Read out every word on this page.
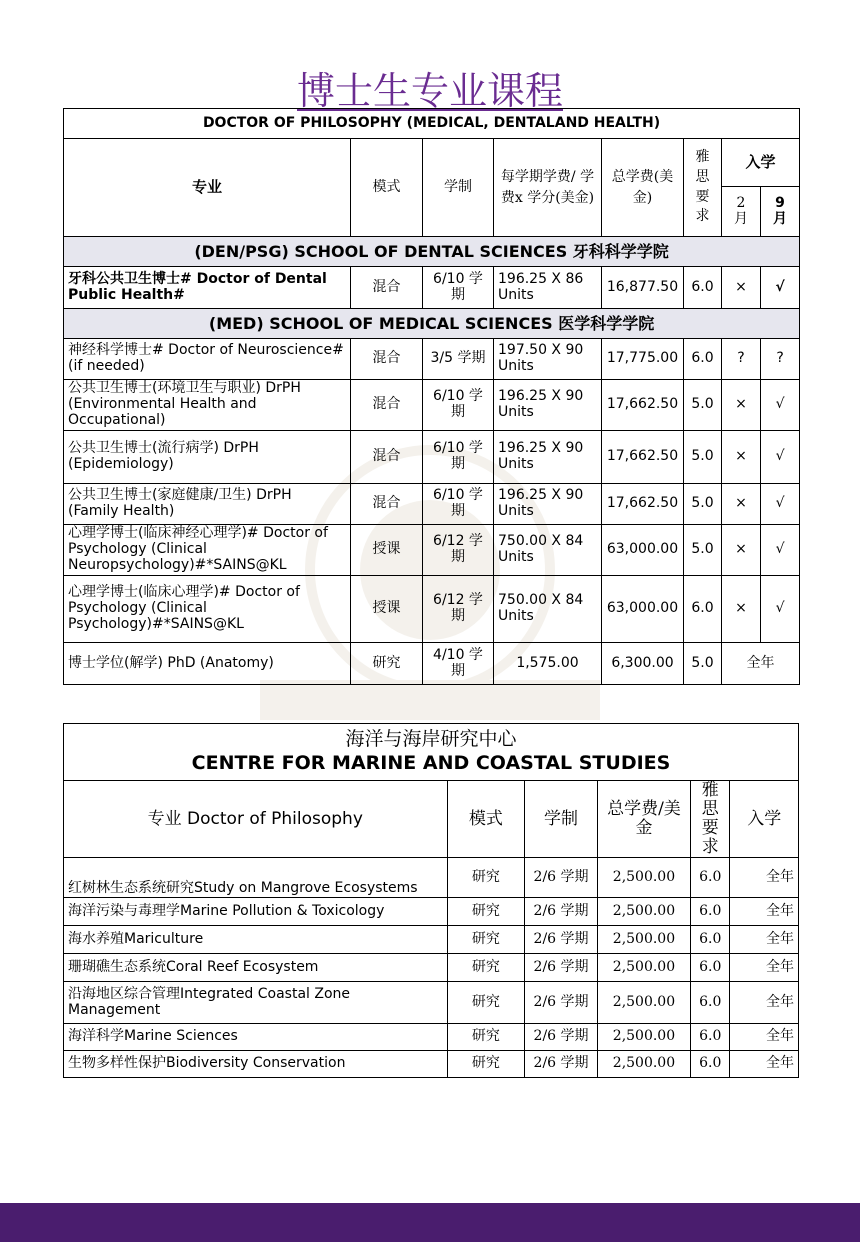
博士生专业课程
DOCTOR OF PHILOSOPHY (MEDICAL, DENTALAND HEALTH)							
专业	模式	学制	每学期学费/ 学费x 学分(美金)	总学费(美金)	雅思要求	入学	
						2月	9月
(DEN/PSG) SCHOOL OF DENTAL SCIENCES 牙科科学学院							
牙科公共卫生博士# Doctor of Dental Public Health#	混合	6/10 学期	196.25 X 86 Units	16,877.50	6.0	×	√
(MED) SCHOOL OF MEDICAL SCIENCES 医学科学学院							
神经科学博士# Doctor of Neuroscience#(if needed)	混合	3/5 学期	197.50 X 90 Units	17,775.00	6.0	?	?
公共卫生博士(环境卫生与职业) DrPH (Environmental Health and Occupational)	混合	6/10 学期	196.25 X 90 Units	17,662.50	5.0	×	√
公共卫生博士(流行病学) DrPH (Epidemiology)	混合	6/10 学期	196.25 X 90 Units	17,662.50	5.0	×	√
公共卫生博士(家庭健康/卫生) DrPH (Family Health)	混合	6/10 学期	196.25 X 90 Units	17,662.50	5.0	×	√
心理学博士(临床神经心理学)# Doctor of Psychology (Clinical Neuropsychology)#*SAINS@KL	授课	6/12 学期	750.00 X 84 Units	63,000.00	5.0	×	√
心理学博士(临床心理学)# Doctor of Psychology (Clinical Psychology)#*SAINS@KL	授课	6/12 学期	750.00 X 84 Units	63,000.00	6.0	×	√
博士学位(解学) PhD (Anatomy)	研究	4/10 学期	1,575.00	6,300.00	5.0	全年	
海洋与海岸研究中心
CENTRE FOR MARINE AND COASTAL STUDIES					

专业 Doctor of Philosophy	模式	学制	总学费/美金	雅思要求	入学
红树林生态系统研究Study on Mangrove Ecosystems	研究	2/6 学期	2,500.00	6.0	全年
海洋污染与毒理学Marine Pollution & Toxicology	研究	2/6 学期	2,500.00	6.0	全年
海水养殖Mariculture	研究	2/6 学期	2,500.00	6.0	全年
珊瑚礁生态系统Coral Reef Ecosystem	研究	2/6 学期	2,500.00	6.0	全年
沿海地区综合管理Integrated Coastal Zone Management	研究	2/6 学期	2,500.00	6.0	全年
海洋科学Marine Sciences	研究	2/6 学期	2,500.00	6.0	全年
生物多样性保护Biodiversity Conservation	研究	2/6 学期	2,500.00	6.0	全年
